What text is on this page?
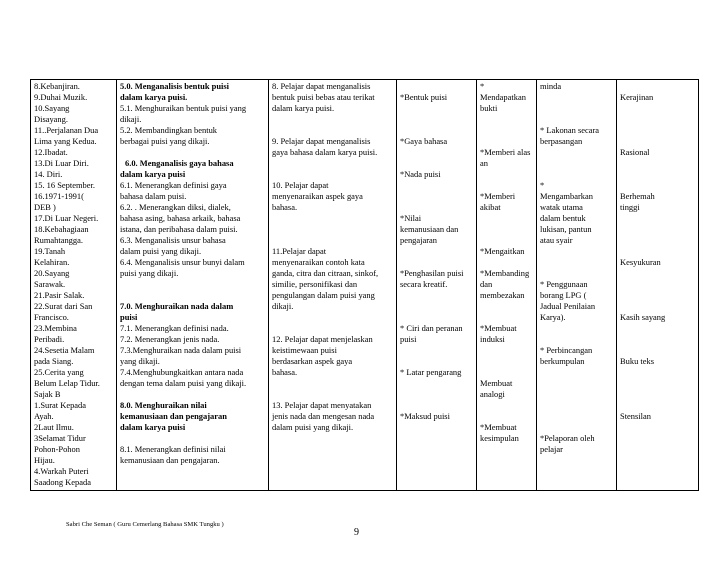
8.Kebanjiran.
9.Duhai Muzik.
10.Sayang
Disayang.
11..Perjalanan Dua
Lima yang Kedua.
12.Ibadat.
13.Di Luar Diri.
14. Diri.
15. 16 September.
16.1971-1991(
DEB )
17.Di Luar Negeri.
18.Kebahagiaan
Rumahtangga.
19.Tanah
Kelahiran.
20.Sayang
Sarawak.
21.Pasir Salak.
22.Surat dari San
Francisco.
23.Membina
Peribadi.
24.Sesetia Malam
pada Siang.
25.Cerita yang
Belum Lelap Tidur.
Sajak B
1.Surat Kepada
Ayah.
2Laut Ilmu.
3Selamat Tidur
Pohon-Pohon
Hijau.
4.Warkah Puteri
Saadong Kepada

5.0. Menganalisis bentuk puisi
dalam karya puisi.
5.1. Menghuraikan bentuk puisi yang
dikaji.
5.2. Membandingkan bentuk
berbagai puisi yang dikaji.
6.0. Menganalisis gaya bahasa
dalam karya puisi
6.1. Menerangkan definisi gaya
bahasa dalam puisi.
6.2. . Menerangkan diksi, dialek,
bahasa asing, bahasa arkaik, bahasa
istana, dan peribahasa dalam puisi.
6.3. Menganalisis unsur bahasa
dalam puisi yang dikaji.
6.4. Menganalisis unsur bunyi dalam
puisi yang dikaji.
7.0. Menghuraikan nada dalam
puisi
7.1. Menerangkan definisi nada.
7.2. Menerangkan jenis nada.
7.3.Menghuraikan nada dalam puisi
yang dikaji.
7.4.Menghubungkaitkan antara nada
dengan tema dalam puisi yang dikaji.
8.0. Menghuraikan nilai
kemanusiaan dan pengajaran
dalam karya puisi
8.1. Menerangkan definisi nilai
kemanusiaan dan pengajaran.

8. Pelajar dapat menganalisis
bentuk puisi bebas atau terikat
dalam karya puisi.
9. Pelajar dapat menganalisis
gaya bahasa dalam karya puisi.
10. Pelajar dapat
menyenaraikan aspek gaya
bahasa.
11.Pelajar dapat
menyenaraikan contoh kata
ganda, citra dan citraan, sinkof,
similie, personifikasi dan
pengulangan dalam puisi yang
dikaji.
12. Pelajar dapat menjelaskan
keistimewaan puisi
berdasarkan aspek gaya
bahasa.
13. Pelajar dapat menyatakan
jenis nada dan mengesan nada
dalam puisi yang dikaji.

*Bentuk puisi
*Gaya bahasa
*Nada puisi
*Nilai
kemanusiaan dan
pengajaran
*Penghasilan puisi
secara kreatif.
* Ciri dan peranan
puisi
* Latar pengarang
*Maksud puisi

*
Mendapatkan
bukti
*Memberi alas
an
*Memberi
akibat
*Mengaitkan
*Membanding
dan
membezakan
*Membuat
induksi
Membuat
analogi
*Membuat
kesimpulan

minda
* Lakonan secara
berpasangan
*
Mengambarkan
watak utama
dalam bentuk
lukisan, pantun
atau syair
* Penggunaan
borang LPG (
Jadual Penilaian
Karya).
* Perbincangan
berkumpulan
*Pelaporan oleh
pelajar

Kerajinan
Rasional
Berhemah
tinggi
Kesyukuran
Kasih sayang
Buku teks
Stensilan
Sabri Che Seman ( Guru Cemerlang Bahasa SMK Tungku )
9
